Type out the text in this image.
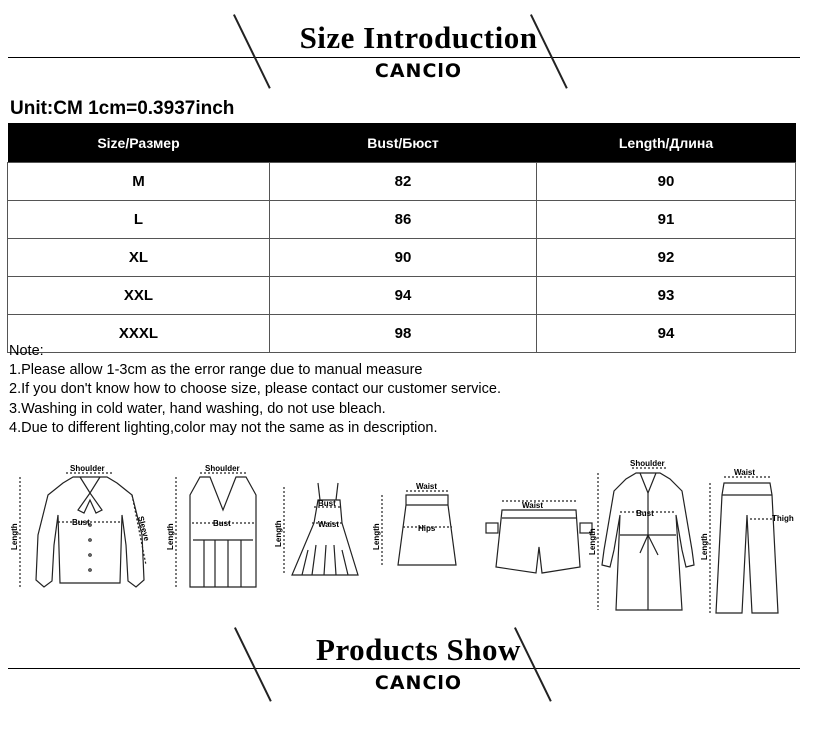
Size Introduction
CANClO
Unit:CM 1cm=0.3937inch
Size/Размер	Bust/Бюст	Length/Длина
M	82	90
L	86	91
XL	90	92
XXL	94	93
XXXL	98	94
Note:
1.Please allow 1-3cm as the error range due to manual measure
2.If you don't know how to choose size, please contact our customer service.
3.Washing in cold water, hand washing, do not use bleach.
4.Due to different lighting,color may not the same as in description.
Shoulder
Bust
Length	Sleeve
Shoulder
Bust
Length
Bust
Waist
Length
Waist
Hips
Length
Waist
Shoulder
Bust
Length
Waist
Thigh
Length
Products Show
CANClO
